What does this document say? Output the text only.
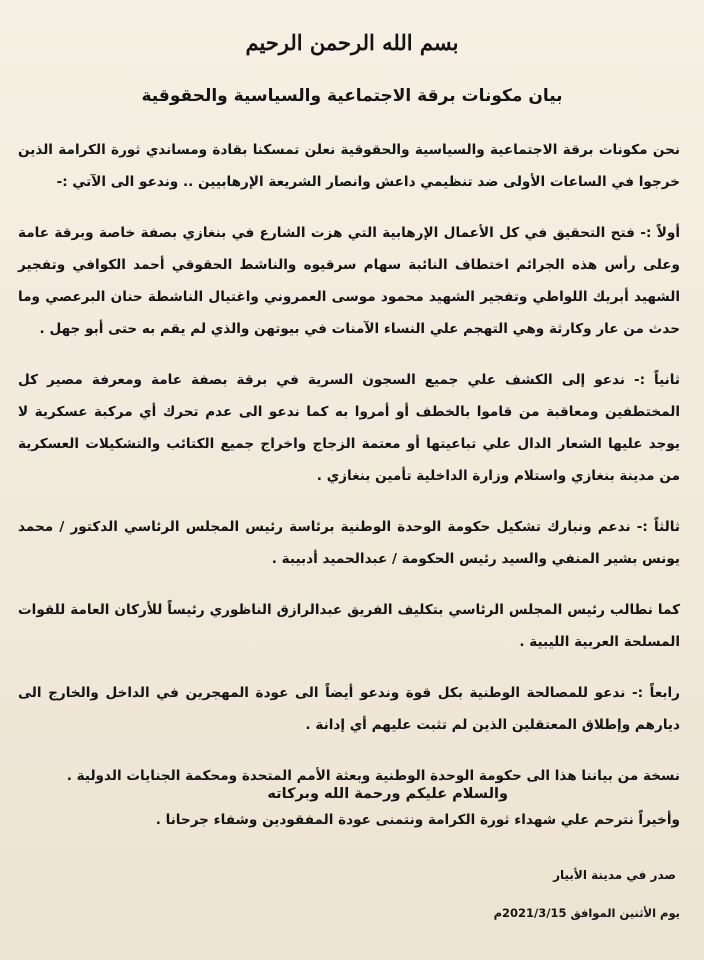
بسم الله الرحمن الرحيم

بيان مكونات برقة الاجتماعية والسياسية والحقوقية

نحن مكونات برقة الاجتماعية والسياسية والحقوقية نعلن تمسكنا بقادة ومساندي ثورة الكرامة الذين خرجوا في الساعات الأولى ضد تنظيمي داعش وانصار الشريعة الإرهابيين .. وندعو الى الآتي :-

أولاً :- فتح التحقيق في كل الأعمال الإرهابية التي هزت الشارع في بنغازي بصفة خاصة وبرقة عامة وعلى رأس هذه الجرائم اختطاف النائبة سهام سرقيوه والناشط الحقوقي أحمد الكوافي وتفجير الشهيد أبريك اللواطي وتفجير الشهيد محمود موسى العمروني واغتيال الناشطة حنان البرعصي وما حدث من عار وكارثة وهي التهجم علي النساء الآمنات في بيوتهن والذي لم يقم به حتى أبو جهل .

ثانياً :- ندعو إلى الكشف علي جميع السجون السرية في برقة بصفة عامة ومعرفة مصير كل المختطفين ومعاقبة من قاموا بالخطف أو أمروا به كما ندعو الى عدم تحرك أي مركبة عسكرية لا يوجد عليها الشعار الدال علي تباعيتها أو معتمة الزجاج واخراج جميع الكتائب والتشكيلات العسكرية من مدينة بنغازي واستلام وزارة الداخلية تأمين بنغازي .

ثالثاً :- ندعم ونبارك تشكيل حكومة الوحدة الوطنية برئاسة رئيس المجلس الرئاسي الدكتور / محمد يونس بشير المنفي والسيد رئيس الحكومة / عبدالحميد أدبيبة .

كما نطالب رئيس المجلس الرئاسي بتكليف الفريق عبدالرازق الناظوري رئيساً للأركان العامة للقوات المسلحة العربية الليبية .

رابعاً :- ندعو للمصالحة الوطنية بكل قوة وندعو أيضاً الى عودة المهجرين في الداخل والخارج الى ديارهم وإطلاق المعتقلين الذين لم تثبت عليهم أي إدانة .

نسخة من بياننا هذا الى حكومة الوحدة الوطنية وبعثة الأمم المتحدة ومحكمة الجنايات الدولية .

وأخيراً نترحم علي شهداء ثورة الكرامة ونتمنى عودة المفقودين وشفاء جرحانا .

والسلام عليكم ورحمة الله وبركاته

صدر في مدينة الأبيار

يوم الأثنين الموافق 2021/3/15م
